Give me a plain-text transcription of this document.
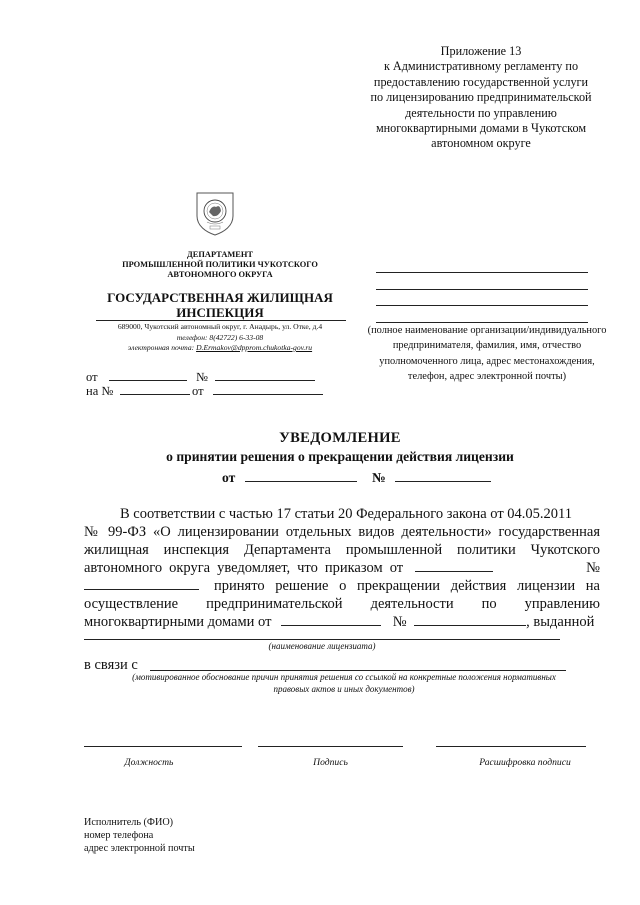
Приложение 13
к Административному регламенту по
предоставлению государственной услуги
по лицензированию предпринимательской
деятельности по управлению
многоквартирными домами в Чукотском
автономном округе
ДЕПАРТАМЕНТ
ПРОМЫШЛЕННОЙ ПОЛИТИКИ ЧУКОТСКОГО
АВТОНОМНОГО ОКРУГА
ГОСУДАРСТВЕННАЯ ЖИЛИЩНАЯ
ИНСПЕКЦИЯ
689000, Чукотский автономный округ, г. Анадырь, ул. Отке, д.4
телефон: 8(42722) 6-33-08
электронная почта: D.Ermakov@dpprom.chukotka-gov.ru
(полное наименование организации/индивидуального
предпринимателя, фамилия, имя, отчество
уполномоченного лица, адрес местонахождения,
телефон, адрес электронной почты)
от	№
на №	от
УВЕДОМЛЕНИЕ
о принятии решения о прекращении действия лицензии
от	№
В соответствии с частью 17 статьи 20 Федерального закона от 04.05.2011
№ 99-ФЗ «О лицензировании отдельных видов деятельности» государственная
жилищная инспекция Департамента промышленной политики Чукотского
автономного округа уведомляет, что приказом от	№
принято решение о прекращении действия лицензии на
осуществление предпринимательской деятельности по управлению
многоквартирными домами от	№	, выданной
(наименование лицензиата)
в связи с
(мотивированное обоснование причин принятия решения со ссылкой на конкретные положения нормативных
правовых актов и иных документов)
Должность	Подпись	Расшифровка подписи
Исполнитель (ФИО)
номер телефона
адрес электронной почты
